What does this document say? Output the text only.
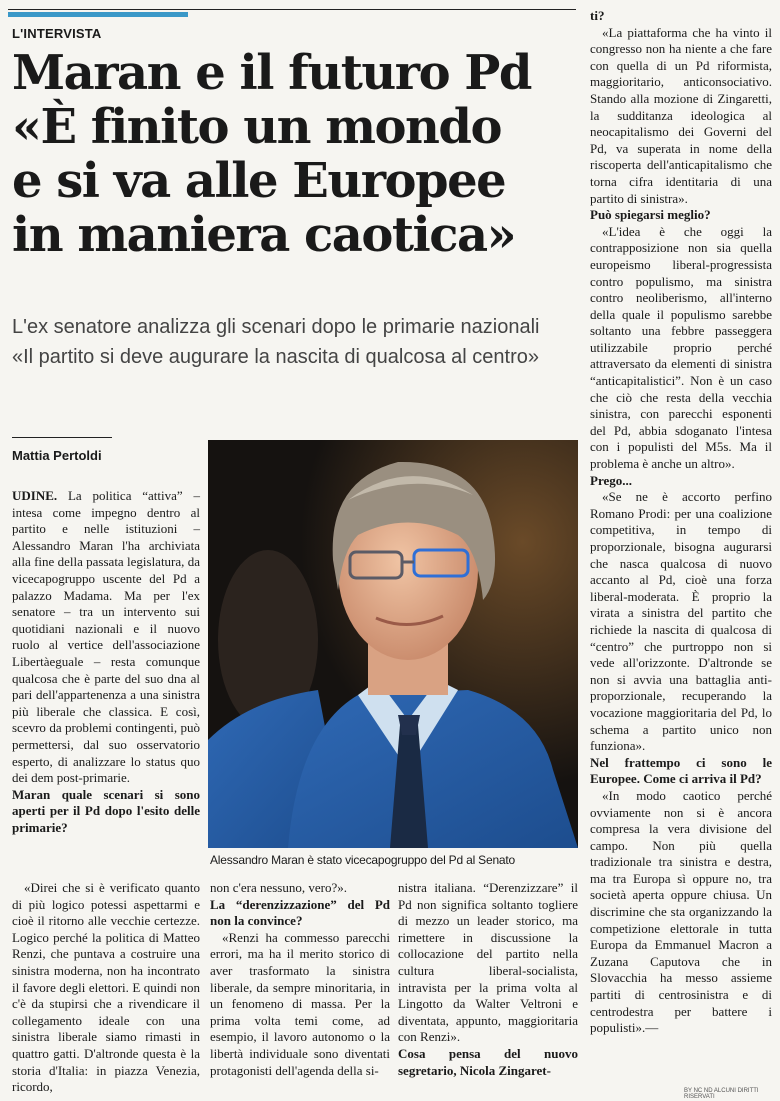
L'INTERVISTA
Maran e il futuro Pd
«È finito un mondo
e si va alle Europee
in maniera caotica»
L'ex senatore analizza gli scenari dopo le primarie nazionali
«Il partito si deve augurare la nascita di qualcosa al centro»
Mattia Pertoldi

UDINE. La politica “attiva” – intesa come impegno dentro al partito e nelle istituzioni – Alessandro Maran l'ha archiviata alla fine della passata legislatura, da vicecapogruppo uscente del Pd a palazzo Madama. Ma per l'ex senatore – tra un intervento sui quotidiani nazionali e il nuovo ruolo al vertice dell'associazione Libertàeguale – resta comunque qualcosa che è parte del suo dna al pari dell'appartenenza a una sinistra più liberale che classica. E così, scevro da problemi contingenti, può permettersi, dal suo osservatorio esperto, di analizzare lo status quo dei dem post-primarie.

Maran quale scenari si sono aperti per il Pd dopo l'esito delle primarie?

«Direi che si è verificato quanto di più logico potessi aspettarmi e cioè il ritorno alle vecchie certezze. Logico perché la politica di Matteo Renzi, che puntava a costruire una sinistra moderna, non ha incontrato il favore degli elettori. E quindi non c'è da stupirsi che a rivendicare il collegamento ideale con una sinistra liberale siamo rimasti in quattro gatti. D'altronde questa è la storia d'Italia: in piazza Venezia, ricordo,

Alessandro Maran è stato vicecapogruppo del Pd al Senato

non c'era nessuno, vero?».

La “derenzizzazione” del Pd non la convince?

«Renzi ha commesso parecchi errori, ma ha il merito storico di aver trasformato la sinistra liberale, da sempre minoritaria, in un fenomeno di massa. Per la prima volta temi come, ad esempio, il lavoro autonomo o la libertà individuale sono diventati protagonisti dell'agenda della si-

nistra italiana. “Derenzizzare” il Pd non significa soltanto togliere di mezzo un leader storico, ma rimettere in discussione la collocazione del partito nella cultura liberal-socialista, intravista per la prima volta al Lingotto da Walter Veltroni e diventata, appunto, maggioritaria con Renzi».

Cosa pensa del nuovo segretario, Nicola Zingaret-

ti?

«La piattaforma che ha vinto il congresso non ha niente a che fare con quella di un Pd riformista, maggioritario, anticonsociativo. Stando alla mozione di Zingaretti, la sudditanza ideologica al neocapitalismo dei Governi del Pd, va superata in nome della riscoperta dell'anticapitalismo che torna cifra identitaria di una partito di sinistra».

Può spiegarsi meglio?

«L'idea è che oggi la contrapposizione non sia quella europeismo liberal-progressista contro populismo, ma sinistra contro neoliberismo, all'interno della quale il populismo sarebbe soltanto una febbre passeggera utilizzabile proprio perché attraversato da elementi di sinistra “anticapitalistici”. Non è un caso che ciò che resta della vecchia sinistra, con parecchi esponenti del Pd, abbia sdoganato l'intesa con i populisti del M5s. Ma il problema è anche un altro».

Prego...

«Se ne è accorto perfino Romano Prodi: per una coalizione competitiva, in tempo di proporzionale, bisogna augurarsi che nasca qualcosa di nuovo accanto al Pd, cioè una forza liberal-moderata. È proprio la virata a sinistra del partito che richiede la nascita di qualcosa di “centro” che purtroppo non si vede all'orizzonte. D'altronde se non si avvia una battaglia anti-proporzionale, recuperando la vocazione maggioritaria del Pd, lo schema a partito unico non funziona».

Nel frattempo ci sono le Europee. Come ci arriva il Pd?

«In modo caotico perché ovviamente non si è ancora compresa la vera divisione del campo. Non più quella tradizionale tra sinistra e destra, ma tra Europa sì oppure no, tra società aperta oppure chiusa. Un discrimine che sta organizzando la competizione elettorale in tutta Europa da Emmanuel Macron a Zuzana Caputova che in Slovacchia ha messo assieme partiti di centrosinistra e di centrodestra per battere i populisti».—

BY NC ND ALCUNI DIRITTI RISERVATI
